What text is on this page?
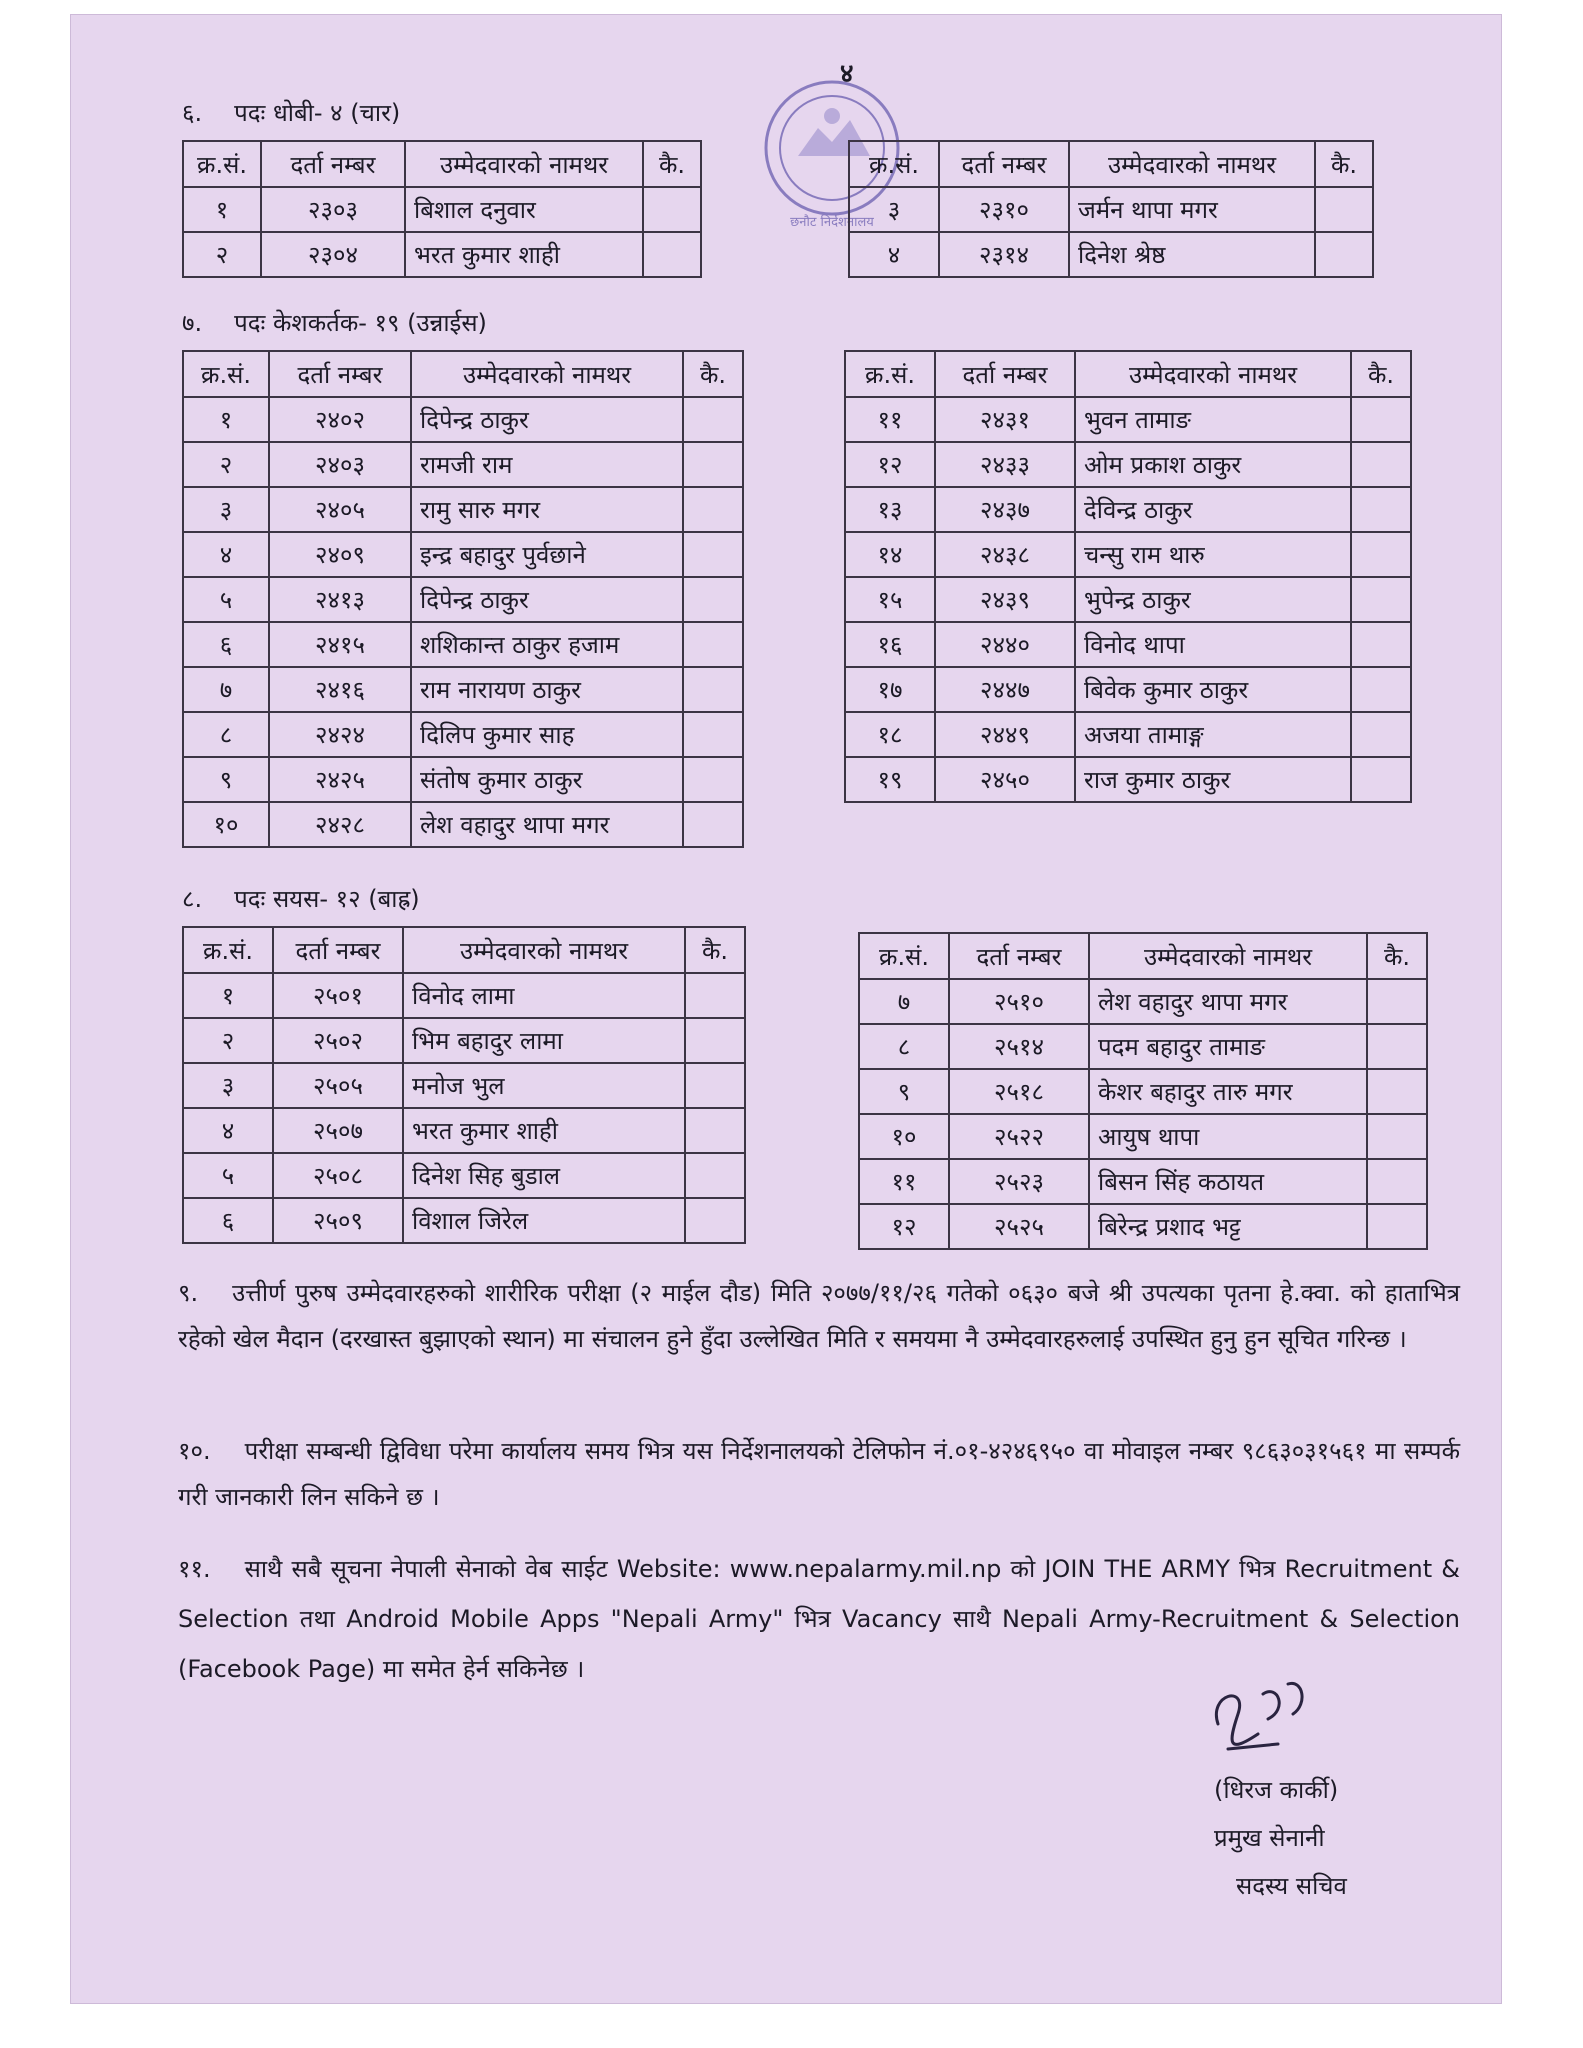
४
छनौट निर्देशनालय
६. पदः धोबी- ४ (चार)
क्र.सं.	दर्ता नम्बर	उम्मेदवारको नामथर	कै.
१	२३०३	बिशाल दनुवार	
२	२३०४	भरत कुमार शाही	
क्र.सं.	दर्ता नम्बर	उम्मेदवारको नामथर	कै.
३	२३१०	जर्मन थापा मगर	
४	२३१४	दिनेश श्रेष्ठ	
७. पदः केशकर्तक- १९ (उन्नाईस)
क्र.सं.	दर्ता नम्बर	उम्मेदवारको नामथर	कै.
१	२४०२	दिपेन्द्र ठाकुर	
२	२४०३	रामजी राम	
३	२४०५	रामु सारु मगर	
४	२४०९	इन्द्र बहादुर पुर्वछाने	
५	२४१३	दिपेन्द्र ठाकुर	
६	२४१५	शशिकान्त ठाकुर हजाम	
७	२४१६	राम नारायण ठाकुर	
८	२४२४	दिलिप कुमार साह	
९	२४२५	संतोष कुमार ठाकुर	
१०	२४२८	लेश वहादुर थापा मगर	
क्र.सं.	दर्ता नम्बर	उम्मेदवारको नामथर	कै.
११	२४३१	भुवन तामाङ	
१२	२४३३	ओम प्रकाश ठाकुर	
१३	२४३७	देविन्द्र ठाकुर	
१४	२४३८	चन्सु राम थारु	
१५	२४३९	भुपेन्द्र ठाकुर	
१६	२४४०	विनोद थापा	
१७	२४४७	बिवेक कुमार ठाकुर	
१८	२४४९	अजया तामाङ्ग	
१९	२४५०	राज कुमार ठाकुर	
८. पदः सयस- १२ (बाह्र)
क्र.सं.	दर्ता नम्बर	उम्मेदवारको नामथर	कै.
१	२५०१	विनोद लामा	
२	२५०२	भिम बहादुर लामा	
३	२५०५	मनोज भुल	
४	२५०७	भरत कुमार शाही	
५	२५०८	दिनेश सिह बुडाल	
६	२५०९	विशाल जिरेल	
क्र.सं.	दर्ता नम्बर	उम्मेदवारको नामथर	कै.
७	२५१०	लेश वहादुर थापा मगर	
८	२५१४	पदम बहादुर तामाङ	
९	२५१८	केशर बहादुर तारु मगर	
१०	२५२२	आयुष थापा	
११	२५२३	बिसन सिंह कठायत	
१२	२५२५	बिरेन्द्र प्रशाद भट्ट	
९. उत्तीर्ण पुरुष उम्मेदवारहरुको शारीरिक परीक्षा (२ माईल दौड) मिति २०७७/११/२६ गतेको ०६३० बजे श्री उपत्यका पृतना हे.क्वा. को हाताभित्र रहेको खेल मैदान (दरखास्त बुझाएको स्थान) मा संचालन हुने हुँदा उल्लेखित मिति र समयमा नै उम्मेदवारहरुलाई उपस्थित हुनु हुन सूचित गरिन्छ ।
१०. परीक्षा सम्बन्धी द्विविधा परेमा कार्यालय समय भित्र यस निर्देशनालयको टेलिफोन नं.०१-४२४६९५० वा मोवाइल नम्बर ९८६३०३१५६१ मा सम्पर्क गरी जानकारी लिन सकिने छ ।
११. साथै सबै सूचना नेपाली सेनाको वेब साईट Website: www.nepalarmy.mil.np को JOIN THE ARMY भित्र Recruitment & Selection तथा Android Mobile Apps "Nepali Army" भित्र Vacancy साथै Nepali Army-Recruitment & Selection (Facebook Page) मा समेत हेर्न सकिनेछ ।
(धिरज कार्की)
प्रमुख सेनानी
सदस्य सचिव
